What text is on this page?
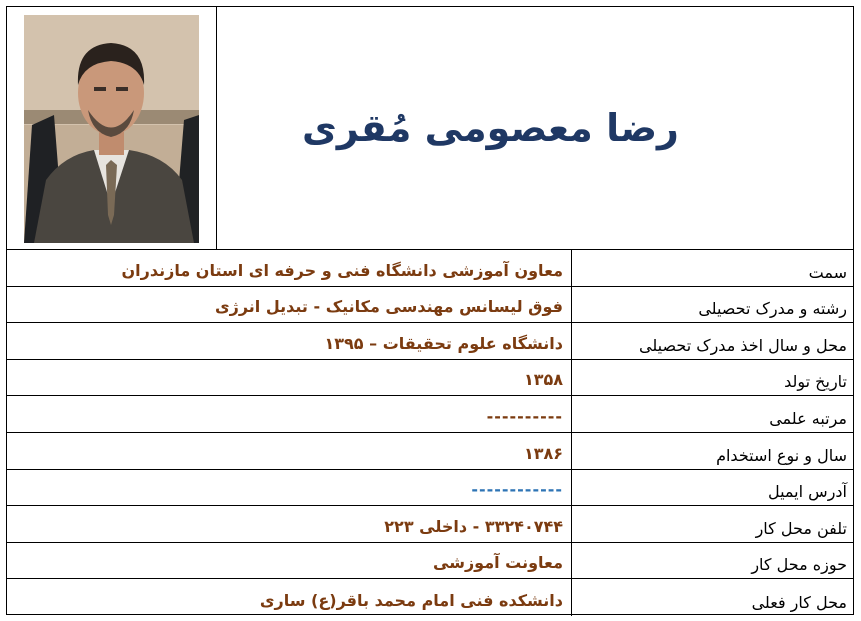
رضا معصومی مُقری
سمت
معاون آموزشی دانشگاه فنی و حرفه ای استان مازندران
رشته و مدرک تحصیلی
فوق لیسانس مهندسی مکانیک - تبدیل انرژی
محل و سال اخذ مدرک تحصیلی
دانشگاه علوم تحقیقات – ۱۳۹۵
تاریخ تولد
۱۳۵۸
مرتبه علمی
----------
سال و نوع استخدام
۱۳۸۶
آدرس ایمیل
------------
تلفن محل کار
۳۳۲۴۰۷۴۴ - داخلی ۲۲۳
حوزه محل کار
معاونت آموزشی
محل کار فعلی
دانشکده فنی امام محمد باقر(ع) ساری
